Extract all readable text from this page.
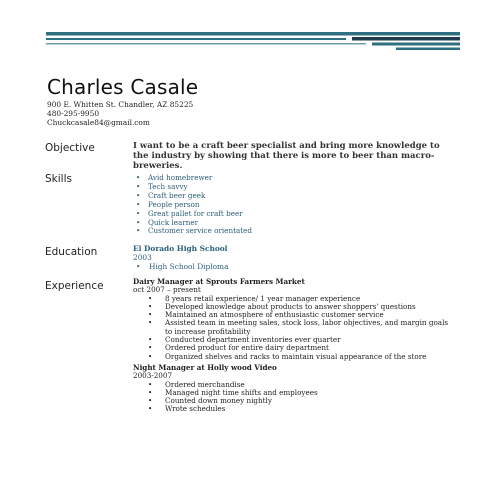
Charles Casale
900 E. Whitten St. Chandler, AZ 85225
480-295-9950
Chuckcasale84@gmail.com
Objective	I want to be a craft beer specialist and bring more knowledge to the industry by showing that there is more to beer than macro-breweries.
Skills
•	Avid homebrewer
• Tech savvy
• Craft beer geek
• People person
• Great pallet for craft beer
• Quick learner
• Customer service orientated
Education	El Dorado High School
2003
• High School Diploma
Experience	Dairy Manager at Sprouts Farmers Market
oct 2007 – present
• 8 years retail experience/ 1 year manager experience
• Developed knowledge about products to answer shoppers' questions
• Maintained an atmosphere of enthusiastic customer service
• Assisted team in meeting sales, stock loss, labor objectives, and margin goals to increase profitability
• Conducted department inventories ever quarter
• Ordered product for entire dairy department
• Organized shelves and racks to maintain visual appearance of the store
Night Manager at Holly wood Video
2003-2007
• Ordered merchandise
• Managed night time shifts and employees
• Counted down money nightly
• Wrote schedules
